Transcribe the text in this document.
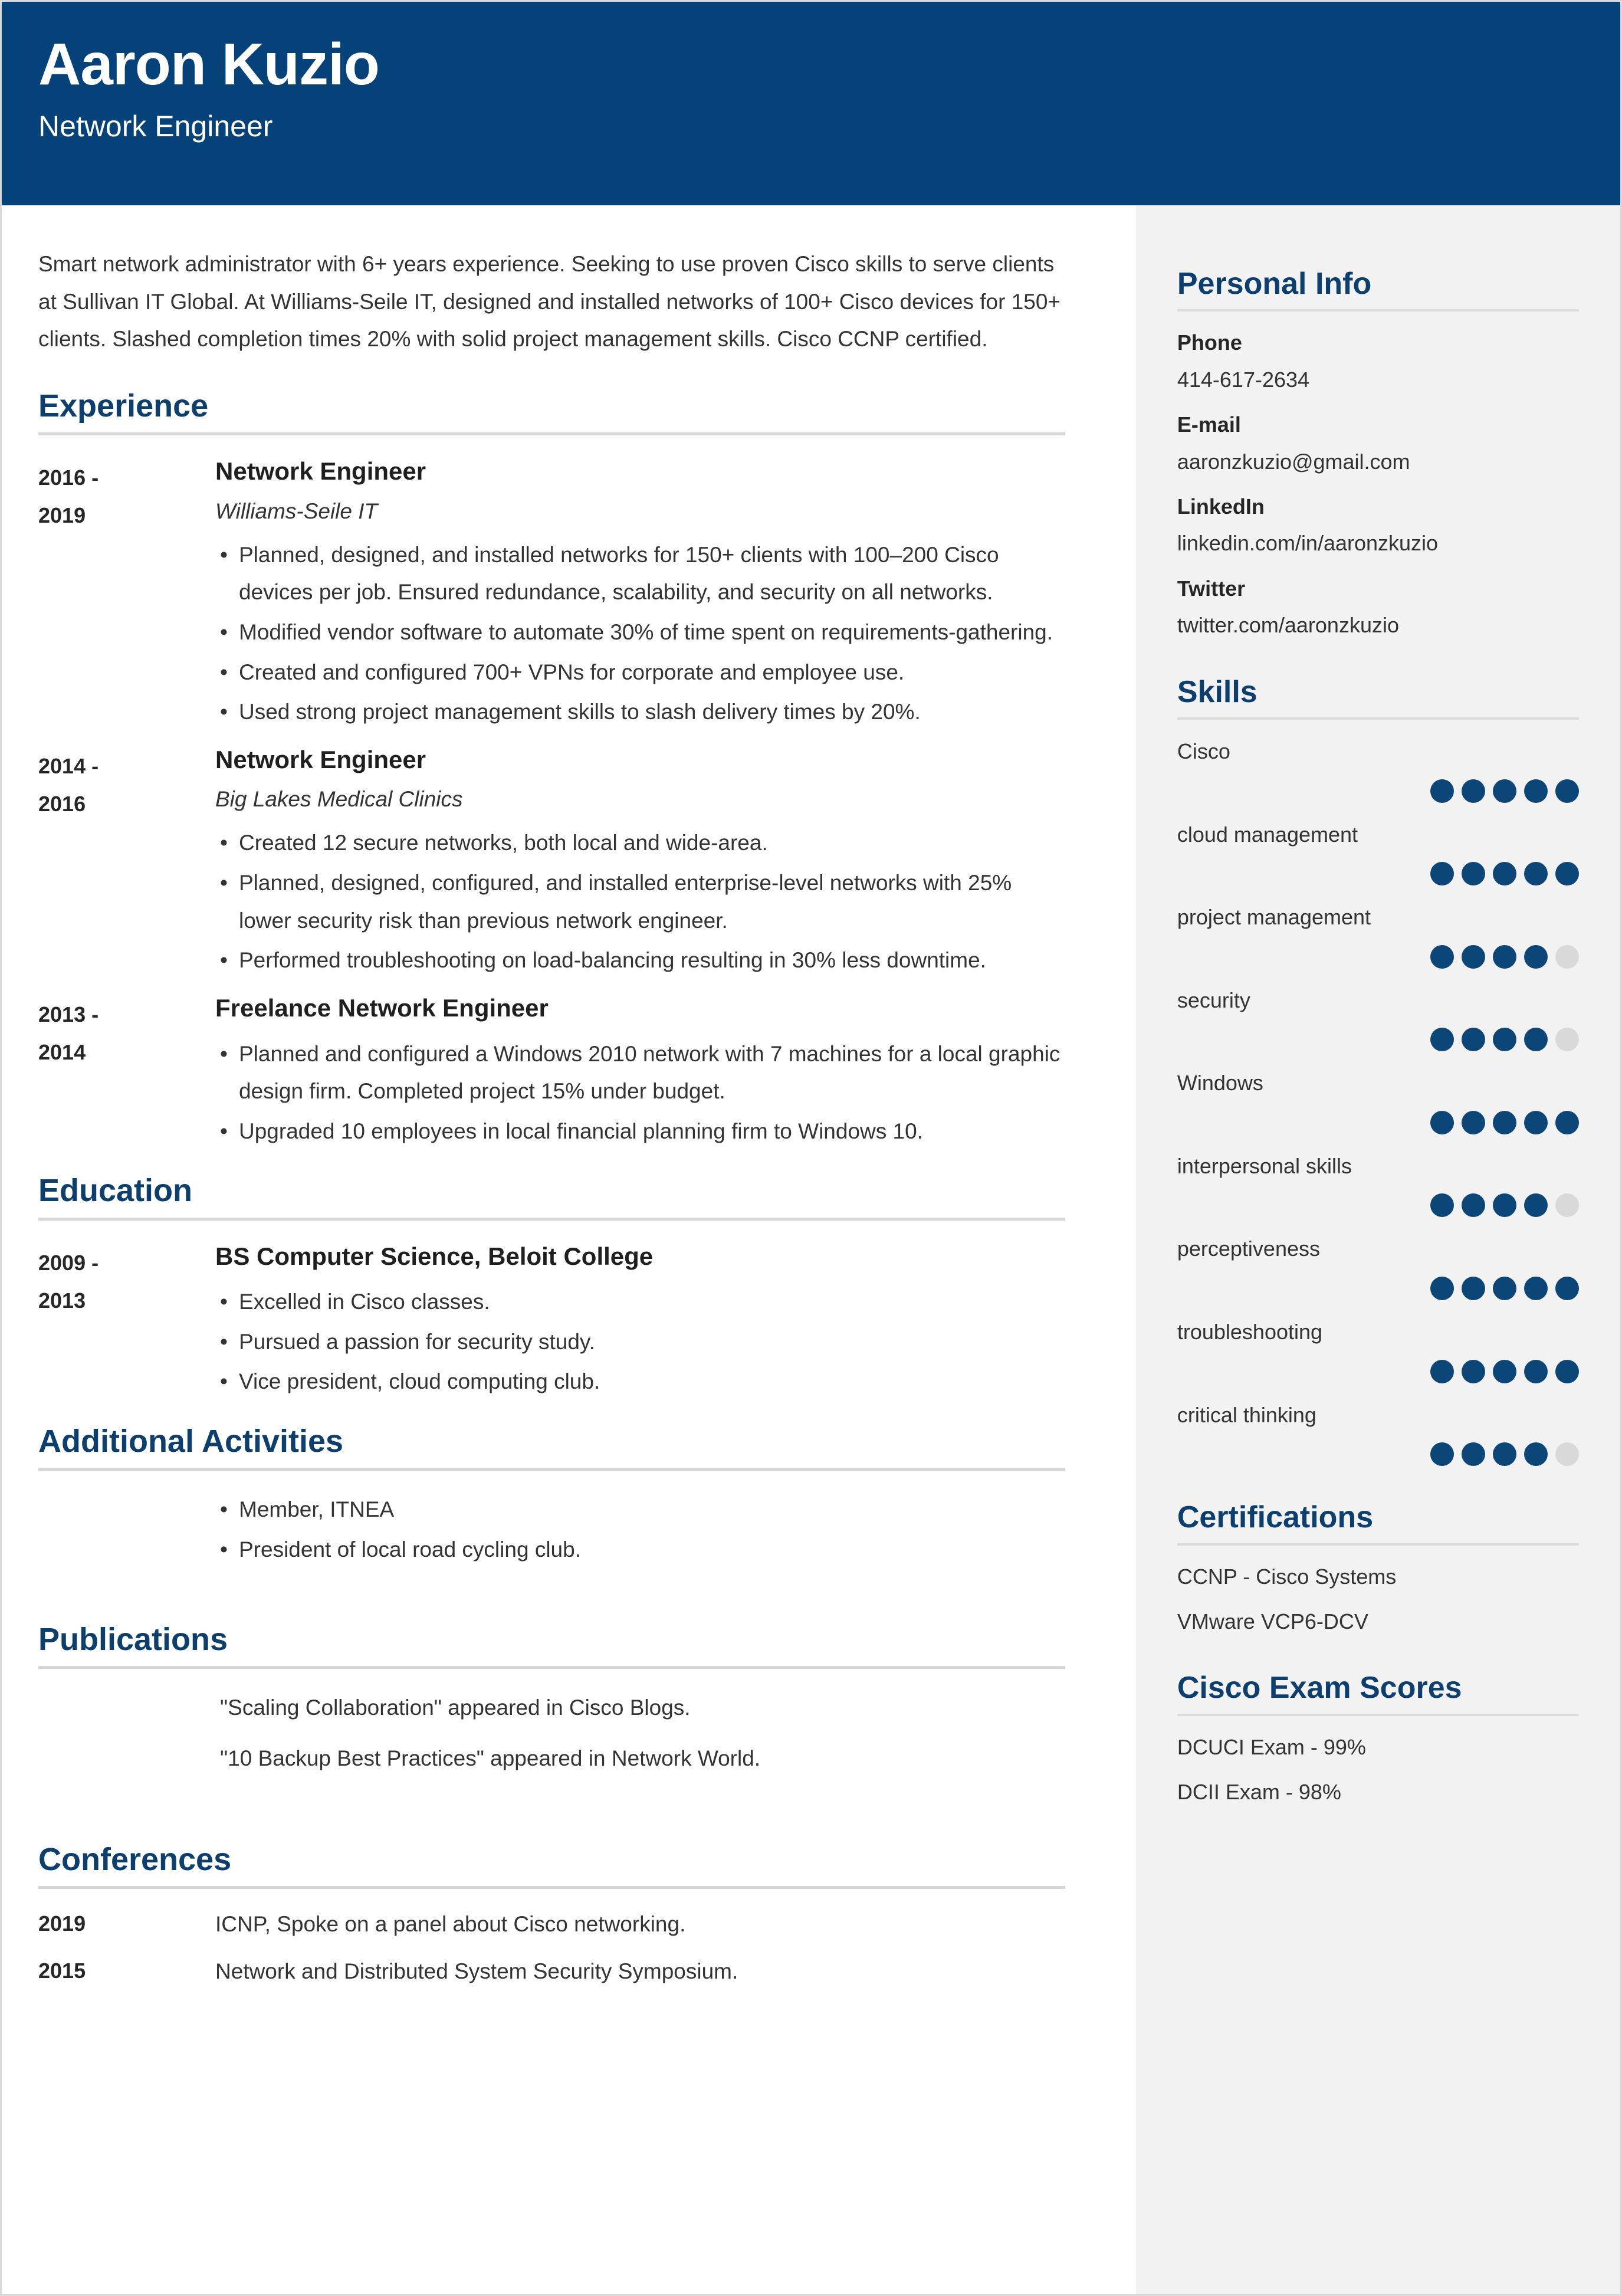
Aaron Kuzio
Network Engineer
Smart network administrator with 6+ years experience. Seeking to use proven Cisco skills to serve clients at Sullivan IT Global. At Williams-Seile IT, designed and installed networks of 100+ Cisco devices for 150+ clients. Slashed completion times 20% with solid project management skills. Cisco CCNP certified.
Experience
2016 -
2019
Network Engineer
Williams-Seile IT
• Planned, designed, and installed networks for 150+ clients with 100–200 Cisco devices per job. Ensured redundance, scalability, and security on all networks.
• Modified vendor software to automate 30% of time spent on requirements-gathering.
• Created and configured 700+ VPNs for corporate and employee use.
• Used strong project management skills to slash delivery times by 20%.
2014 -
2016
Network Engineer
Big Lakes Medical Clinics
• Created 12 secure networks, both local and wide-area.
• Planned, designed, configured, and installed enterprise-level networks with 25% lower security risk than previous network engineer.
• Performed troubleshooting on load-balancing resulting in 30% less downtime.
2013 -
2014
Freelance Network Engineer
• Planned and configured a Windows 2010 network with 7 machines for a local graphic design firm. Completed project 15% under budget.
• Upgraded 10 employees in local financial planning firm to Windows 10.
Education
2009 -
2013
BS Computer Science, Beloit College
• Excelled in Cisco classes.
• Pursued a passion for security study.
• Vice president, cloud computing club.
Additional Activities
• Member, ITNEA
• President of local road cycling club.
Publications
"Scaling Collaboration" appeared in Cisco Blogs.
"10 Backup Best Practices" appeared in Network World.
Conferences
2019	ICNP, Spoke on a panel about Cisco networking.
2015	Network and Distributed System Security Symposium.
Personal Info
Phone
414-617-2634
E-mail
aaronzkuzio@gmail.com
LinkedIn
linkedin.com/in/aaronzkuzio
Twitter
twitter.com/aaronzkuzio
Skills
Cisco
cloud management
project management
security
Windows
interpersonal skills
perceptiveness
troubleshooting
critical thinking
Certifications
CCNP - Cisco Systems
VMware VCP6-DCV
Cisco Exam Scores
DCUCI Exam - 99%
DCII Exam - 98%
